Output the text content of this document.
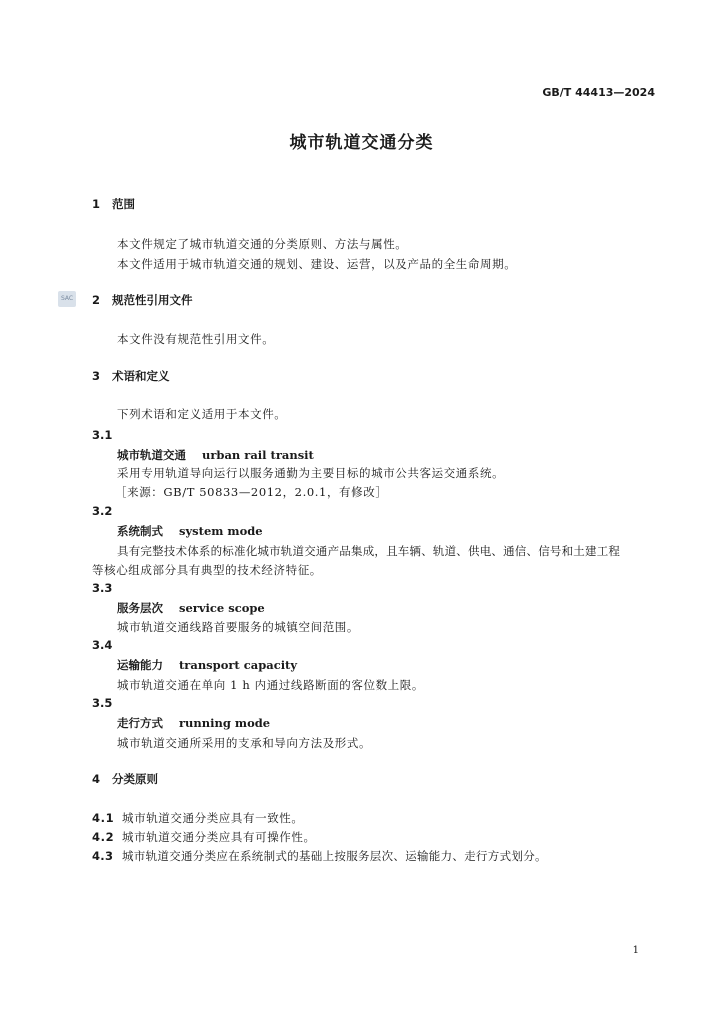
GB/T 44413—2024
城市轨道交通分类
SAC
1 范围
本文件规定了城市轨道交通的分类原则、方法与属性。
本文件适用于城市轨道交通的规划、建设、运营，以及产品的全生命周期。
2 规范性引用文件
本文件没有规范性引用文件。
3 术语和定义
下列术语和定义适用于本文件。
3.1
城市轨道交通 urban rail transit
采用专用轨道导向运行以服务通勤为主要目标的城市公共客运交通系统。
［来源：GB/T 50833—2012，2.0.1，有修改］
3.2
系统制式 system mode
具有完整技术体系的标准化城市轨道交通产品集成，且车辆、轨道、供电、通信、信号和土建工程
等核心组成部分具有典型的技术经济特征。
3.3
服务层次 service scope
城市轨道交通线路首要服务的城镇空间范围。
3.4
运输能力 transport capacity
城市轨道交通在单向 1 h 内通过线路断面的客位数上限。
3.5
走行方式 running mode
城市轨道交通所采用的支承和导向方法及形式。
4 分类原则
4.1 城市轨道交通分类应具有一致性。
4.2 城市轨道交通分类应具有可操作性。
4.3 城市轨道交通分类应在系统制式的基础上按服务层次、运输能力、走行方式划分。
1
